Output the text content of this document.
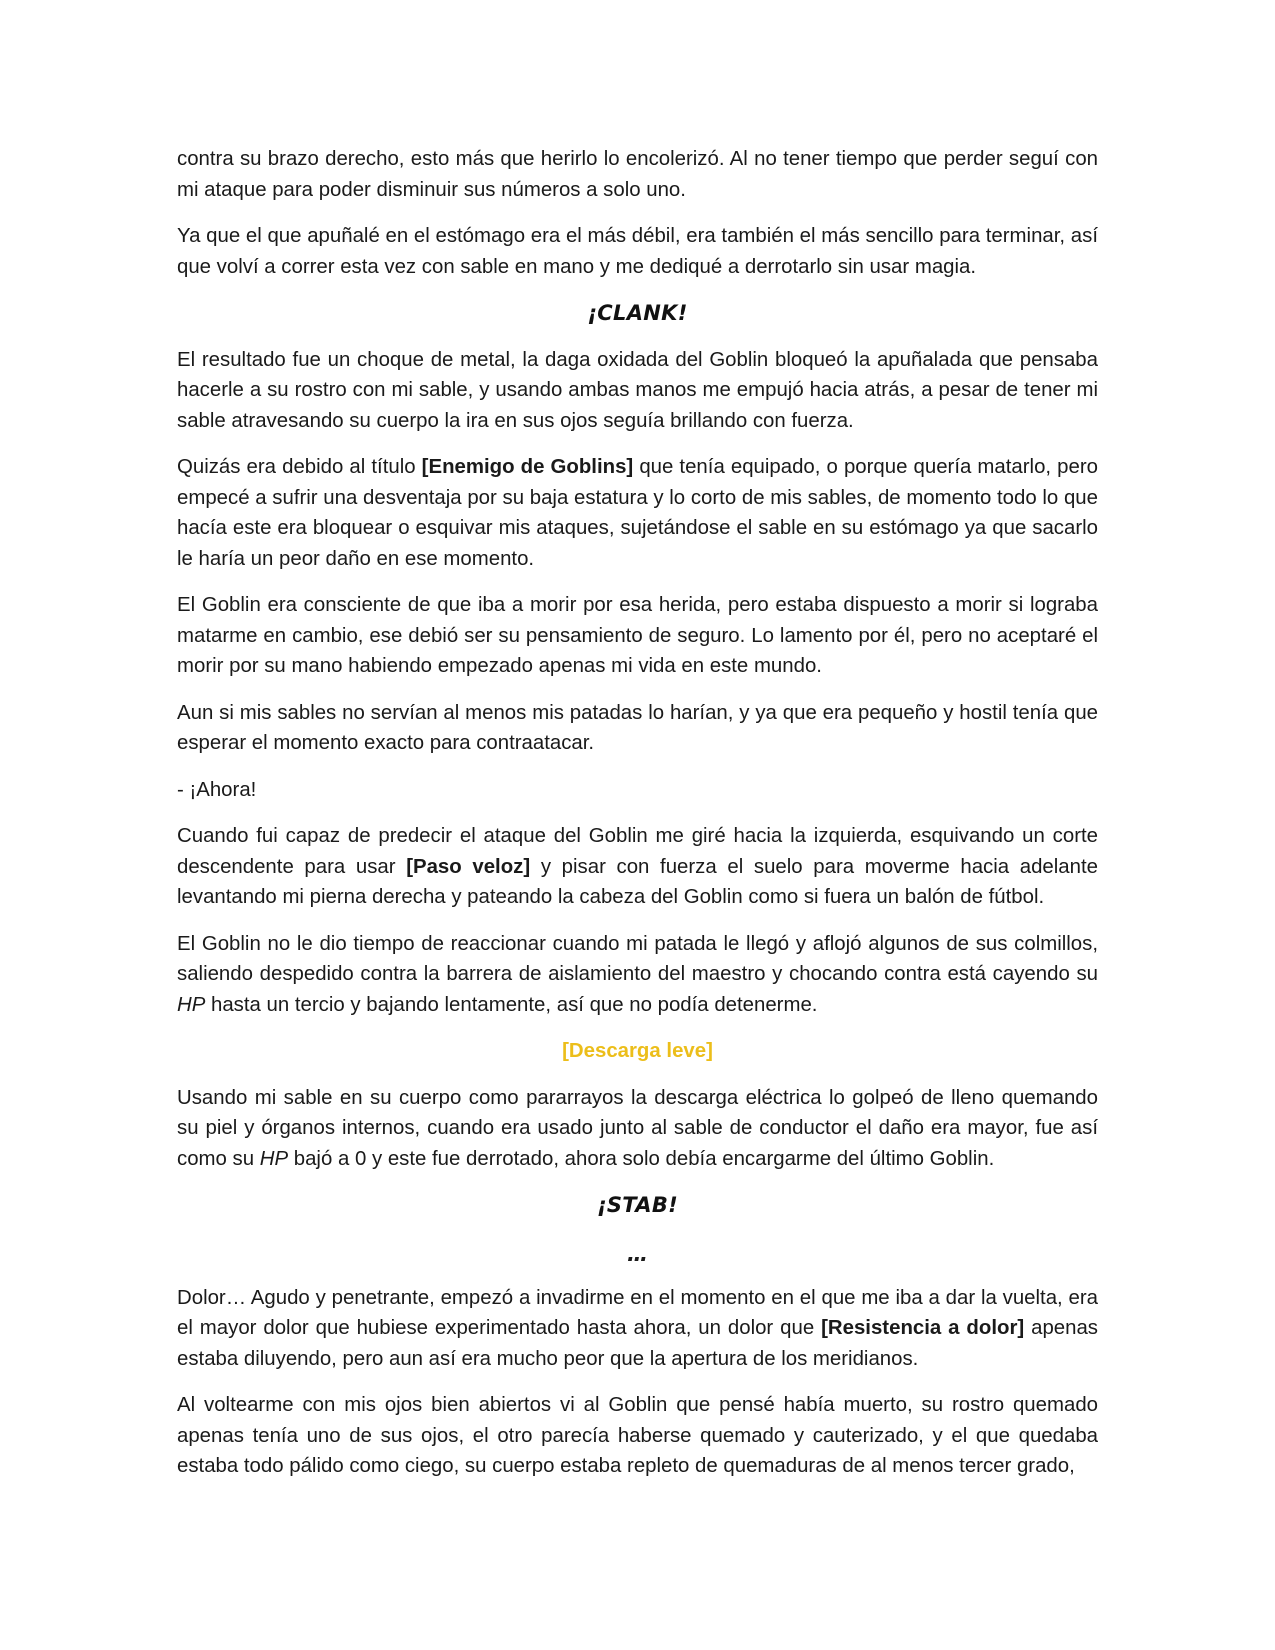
contra su brazo derecho, esto más que herirlo lo encolerizó. Al no tener tiempo que perder seguí con mi ataque para poder disminuir sus números a solo uno.

Ya que el que apuñalé en el estómago era el más débil, era también el más sencillo para terminar, así que volví a correr esta vez con sable en mano y me dediqué a derrotarlo sin usar magia.

¡CLANK!

El resultado fue un choque de metal, la daga oxidada del Goblin bloqueó la apuñalada que pensaba hacerle a su rostro con mi sable, y usando ambas manos me empujó hacia atrás, a pesar de tener mi sable atravesando su cuerpo la ira en sus ojos seguía brillando con fuerza.

Quizás era debido al título [Enemigo de Goblins] que tenía equipado, o porque quería matarlo, pero empecé a sufrir una desventaja por su baja estatura y lo corto de mis sables, de momento todo lo que hacía este era bloquear o esquivar mis ataques, sujetándose el sable en su estómago ya que sacarlo le haría un peor daño en ese momento.

El Goblin era consciente de que iba a morir por esa herida, pero estaba dispuesto a morir si lograba matarme en cambio, ese debió ser su pensamiento de seguro. Lo lamento por él, pero no aceptaré el morir por su mano habiendo empezado apenas mi vida en este mundo.

Aun si mis sables no servían al menos mis patadas lo harían, y ya que era pequeño y hostil tenía que esperar el momento exacto para contraatacar.

- ¡Ahora!

Cuando fui capaz de predecir el ataque del Goblin me giré hacia la izquierda, esquivando un corte descendente para usar [Paso veloz] y pisar con fuerza el suelo para moverme hacia adelante levantando mi pierna derecha y pateando la cabeza del Goblin como si fuera un balón de fútbol.

El Goblin no le dio tiempo de reaccionar cuando mi patada le llegó y aflojó algunos de sus colmillos, saliendo despedido contra la barrera de aislamiento del maestro y chocando contra está cayendo su HP hasta un tercio y bajando lentamente, así que no podía detenerme.

[Descarga leve]

Usando mi sable en su cuerpo como pararrayos la descarga eléctrica lo golpeó de lleno quemando su piel y órganos internos, cuando era usado junto al sable de conductor el daño era mayor, fue así como su HP bajó a 0 y este fue derrotado, ahora solo debía encargarme del último Goblin.

¡STAB!

…

Dolor… Agudo y penetrante, empezó a invadirme en el momento en el que me iba a dar la vuelta, era el mayor dolor que hubiese experimentado hasta ahora, un dolor que [Resistencia a dolor] apenas estaba diluyendo, pero aun así era mucho peor que la apertura de los meridianos.

Al voltearme con mis ojos bien abiertos vi al Goblin que pensé había muerto, su rostro quemado apenas tenía uno de sus ojos, el otro parecía haberse quemado y cauterizado, y el que quedaba estaba todo pálido como ciego, su cuerpo estaba repleto de quemaduras de al menos tercer grado,
